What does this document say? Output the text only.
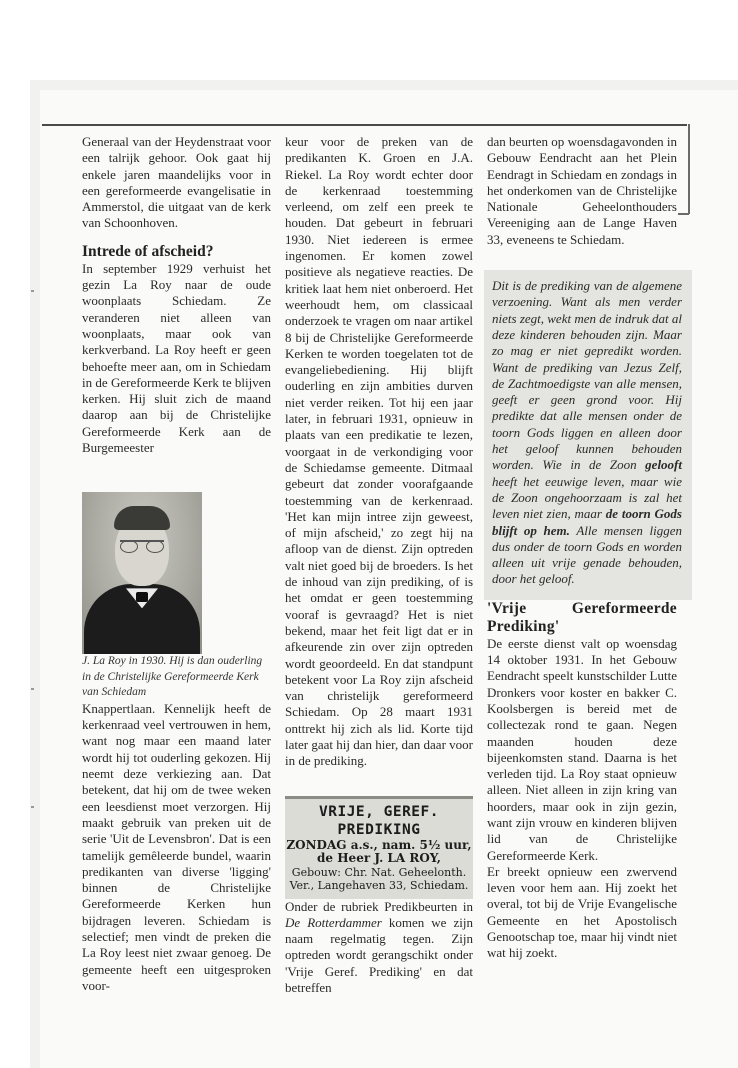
Generaal van der Heydenstraat voor een talrijk gehoor. Ook gaat hij enkele jaren maandelijks voor in een gereformeerde evangelisatie in Ammerstol, die uitgaat van de kerk van Schoonhoven.

Intrede of afscheid?

In september 1929 verhuist het gezin La Roy naar de oude woonplaats Schiedam. Ze veranderen niet alleen van woonplaats, maar ook van kerkverband. La Roy heeft er geen behoefte meer aan, om in Schiedam in de Gereformeerde Kerk te blijven kerken. Hij sluit zich de maand daarop aan bij de Christelijke Gereformeerde Kerk aan de Burgemeester

J. La Roy in 1930. Hij is dan ouderling in de Christelijke Gereformeerde Kerk van Schiedam

Knappertlaan. Kennelijk heeft de kerkenraad veel vertrouwen in hem, want nog maar een maand later wordt hij tot ouderling gekozen. Hij neemt deze verkiezing aan. Dat betekent, dat hij om de twee weken een leesdienst moet verzorgen. Hij maakt gebruik van preken uit de serie 'Uit de Levensbron'. Dat is een tamelijk gemêleerde bundel, waarin predikanten van diverse 'ligging' binnen de Christelijke Gereformeerde Kerken hun bijdragen leveren. Schiedam is selectief; men vindt de preken die La Roy leest niet zwaar genoeg. De gemeente heeft een uitgesproken voor-

keur voor de preken van de predikanten K. Groen en J.A. Riekel. La Roy wordt echter door de kerkenraad toestemming verleend, om zelf een preek te houden. Dat gebeurt in februari 1930. Niet iedereen is ermee ingenomen. Er komen zowel positieve als negatieve reacties. De kritiek laat hem niet onberoerd. Het weerhoudt hem, om classicaal onderzoek te vragen om naar artikel 8 bij de Christelijke Gereformeerde Kerken te worden toegelaten tot de evangeliebediening. Hij blijft ouderling en zijn ambities durven niet verder reiken. Tot hij een jaar later, in februari 1931, opnieuw in plaats van een predikatie te lezen, voorgaat in de verkondiging voor de Schiedamse gemeente. Ditmaal gebeurt dat zonder voorafgaande toestemming van de kerkenraad. 'Het kan mijn intree zijn geweest, of mijn afscheid,' zo zegt hij na afloop van de dienst. Zijn optreden valt niet goed bij de broeders. Is het de inhoud van zijn prediking, of is het omdat er geen toestemming vooraf is gevraagd? Het is niet bekend, maar het feit ligt dat er in afkeurende zin over zijn optreden wordt geoordeeld. En dat standpunt betekent voor La Roy zijn afscheid van christelijk gereformeerd Schiedam. Op 28 maart 1931 onttrekt hij zich als lid. Korte tijd later gaat hij dan hier, dan daar voor in de prediking.

VRIJE, GEREF. PREDIKING
ZONDAG a.s., nam. 5½ uur,
de Heer J. LA ROY,
Gebouw: Chr. Nat. Geheelonth.
Ver., Langehaven 33, Schiedam.

Onder de rubriek Predikbeurten in De Rotterdammer komen we zijn naam regelmatig tegen. Zijn optreden wordt gerangschikt onder 'Vrije Geref. Prediking' en dat betreffen

dan beurten op woensdagavonden in Gebouw Eendracht aan het Plein Eendragt in Schiedam en zondags in het onderkomen van de Christelijke Nationale Geheelonthouders Vereeniging aan de Lange Haven 33, eveneens te Schiedam.

Dit is de prediking van de algemene verzoening. Want als men verder niets zegt, wekt men de indruk dat al deze kinderen behouden zijn. Maar zo mag er niet gepredikt worden. Want de prediking van Jezus Zelf, de Zachtmoedigste van alle mensen, geeft er geen grond voor. Hij predikte dat alle mensen onder de toorn Gods liggen en alleen door het geloof kunnen behouden worden. Wie in de Zoon gelooft heeft het eeuwige leven, maar wie de Zoon ongehoorzaam is zal het leven niet zien, maar de toorn Gods blijft op hem. Alle mensen liggen dus onder de toorn Gods en worden alleen uit vrije genade behouden, door het geloof.
'Vrije Gereformeerde Prediking'

De eerste dienst valt op woensdag 14 oktober 1931. In het Gebouw Eendracht speelt kunstschilder Lutte Dronkers voor koster en bakker C. Koolsbergen is bereid met de collectezak rond te gaan. Negen maanden houden deze bijeenkomsten stand. Daarna is het verleden tijd. La Roy staat opnieuw alleen. Niet alleen in zijn kring van hoorders, maar ook in zijn gezin, want zijn vrouw en kinderen blijven lid van de Christelijke Gereformeerde Kerk.

Er breekt opnieuw een zwervend leven voor hem aan. Hij zoekt het overal, tot bij de Vrije Evangelische Gemeente en het Apostolisch Genootschap toe, maar hij vindt niet wat hij zoekt.
